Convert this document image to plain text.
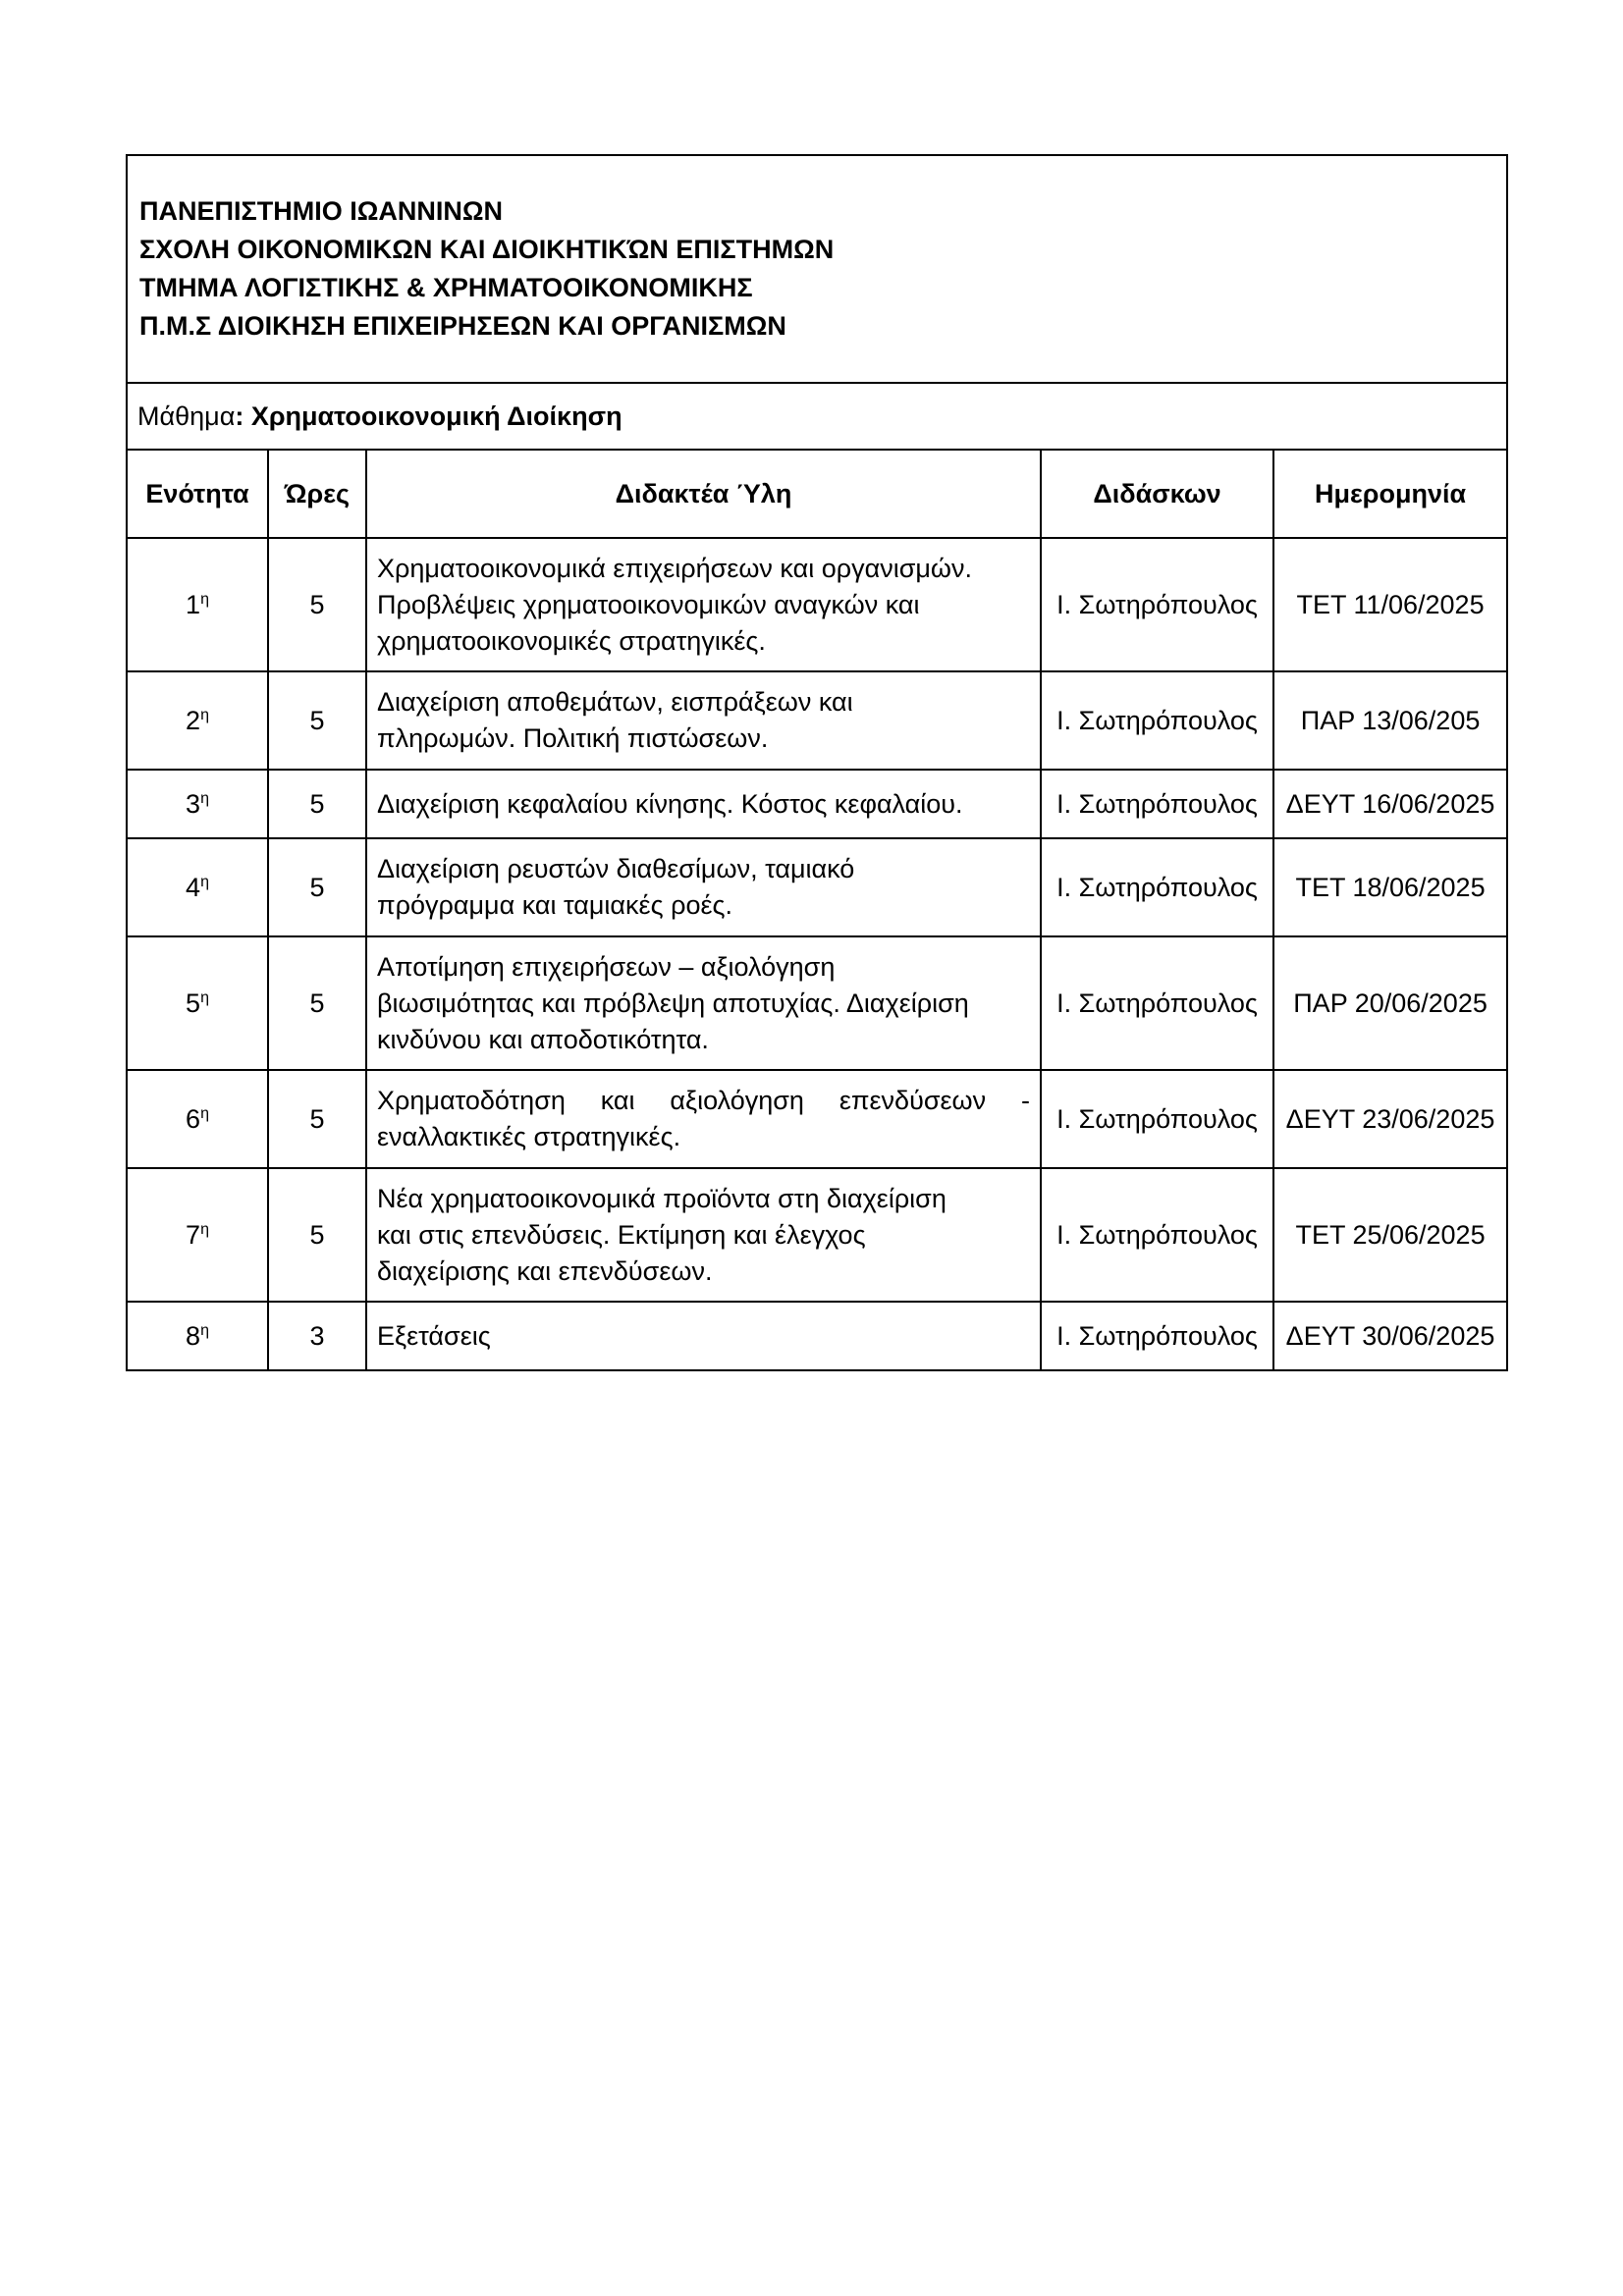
ΠΑΝΕΠΙΣΤΗΜΙΟ ΙΩΑΝΝΙΝΩΝ
ΣΧΟΛΗ ΟΙΚΟΝΟΜΙΚΩΝ ΚΑΙ ΔΙΟΙΚΗΤΙΚΏΝ ΕΠΙΣΤΗΜΩΝ
ΤΜΗΜΑ ΛΟΓΙΣΤΙΚΗΣ & ΧΡΗΜΑΤΟΟΙΚΟΝΟΜΙΚΗΣ
Π.Μ.Σ ΔΙΟΙΚΗΣΗ ΕΠΙΧΕΙΡΗΣΕΩΝ ΚΑΙ ΟΡΓΑΝΙΣΜΩΝ				

Μάθημα: Χρηματοοικονομική Διοίκηση				
Ενότητα	Ώρες	Διδακτέα Ύλη	Διδάσκων	Ημερομηνία
$1^\eta$	5	Χρηματοοικονομικά επιχειρήσεων και οργανισμών.
Προβλέψεις χρηματοοικονομικών αναγκών και
χρηματοοικονομικές στρατηγικές.	Ι. Σωτηρόπουλος	ΤΕΤ 11/06/2025
$2^\eta$	5	Διαχείριση αποθεμάτων, εισπράξεων και
πληρωμών. Πολιτική πιστώσεων.	Ι. Σωτηρόπουλος	ΠΑΡ 13/06/205
$3^\eta$	5	Διαχείριση κεφαλαίου κίνησης. Κόστος κεφαλαίου.	Ι. Σωτηρόπουλος	ΔΕΥΤ 16/06/2025
$4^\eta$	5	Διαχείριση ρευστών διαθεσίμων, ταμιακό
πρόγραμμα και ταμιακές ροές.	Ι. Σωτηρόπουλος	ΤΕΤ 18/06/2025
$5^\eta$	5	Αποτίμηση επιχειρήσεων – αξιολόγηση
βιωσιμότητας και πρόβλεψη αποτυχίας. Διαχείριση
κινδύνου και αποδοτικότητα.	Ι. Σωτηρόπουλος	ΠΑΡ 20/06/2025
$6^\eta$	5	Χρηματοδότηση και αξιολόγηση επενδύσεων -
εναλλακτικές στρατηγικές.	Ι. Σωτηρόπουλος	ΔΕΥΤ 23/06/2025
$7^\eta$	5	Νέα χρηματοοικονομικά προϊόντα στη διαχείριση
και στις επενδύσεις. Εκτίμηση και έλεγχος
διαχείρισης και επενδύσεων.	Ι. Σωτηρόπουλος	ΤΕΤ 25/06/2025
$8^\eta$	3	Εξετάσεις	Ι. Σωτηρόπουλος	ΔΕΥΤ 30/06/2025
